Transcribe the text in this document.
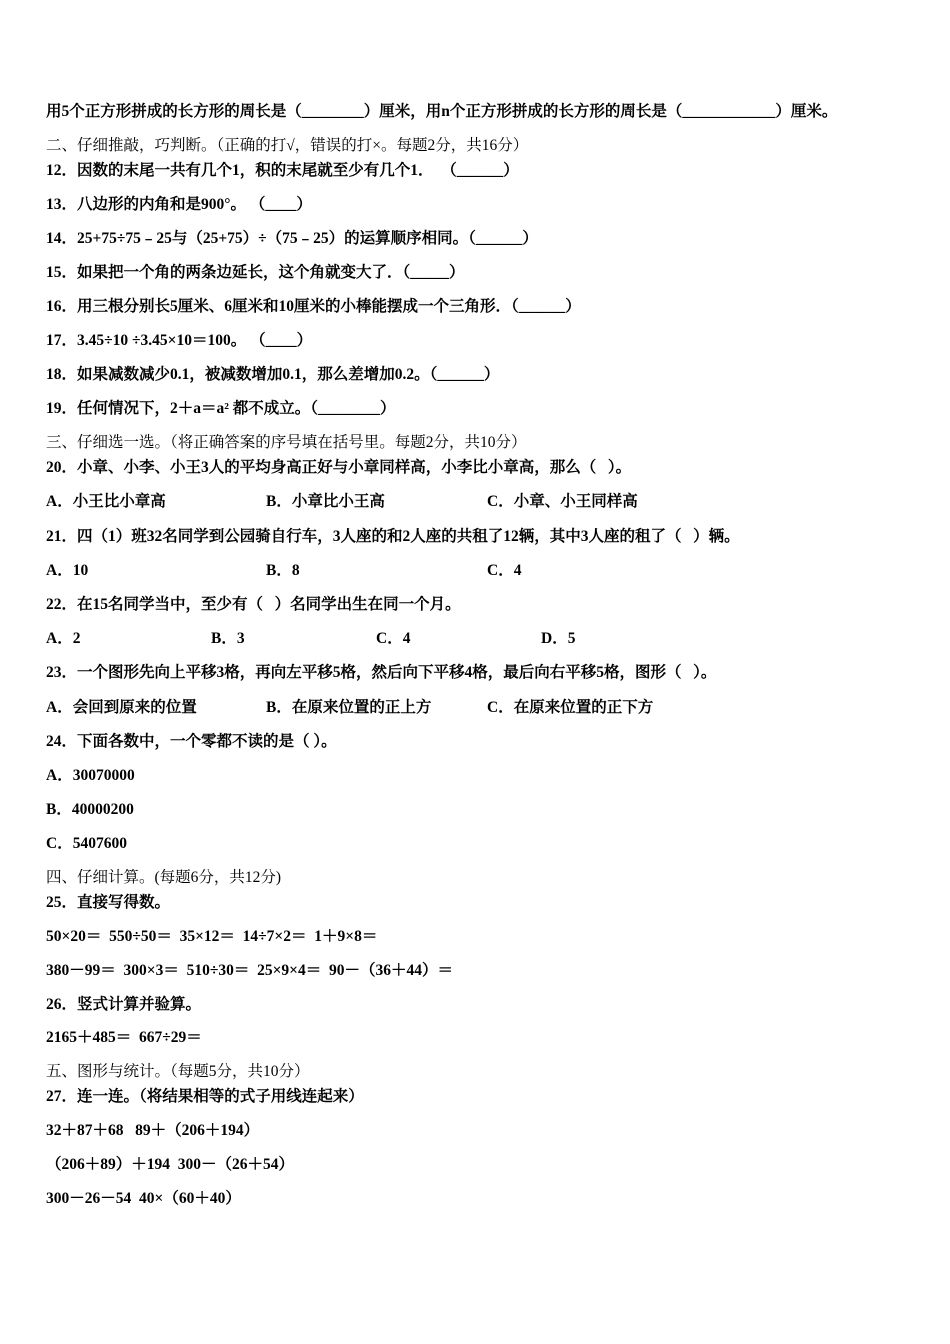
用5个正方形拼成的长方形的周长是（________）厘米，用n个正方形拼成的长方形的周长是（____________）厘米。
二、仔细推敲，巧判断。（正确的打√，错误的打×。每题2分，共16分）
12．因数的末尾一共有几个1，积的末尾就至少有几个1．  （______）
13．八边形的内角和是900°。 （____）
14．25+75÷75﹣25与（25+75）÷（75﹣25）的运算顺序相同。（______）
15．如果把一个角的两条边延长，这个角就变大了．（_____）
16．用三根分别长5厘米、6厘米和10厘米的小棒能摆成一个三角形．（______）
17．3.45÷10 ÷3.45×10＝100。 （____）
18．如果减数减少0.1，被减数增加0.1，那么差增加0.2。（______）
19．任何情况下，2＋a＝a² 都不成立。（________）
三、仔细选一选。（将正确答案的序号填在括号里。每题2分，共10分）
20．小章、小李、小王3人的平均身高正好与小章同样高，小李比小章高，那么（   ）。
A．小王比小章高	B．小章比小王高	C．小章、小王同样高
21．四（1）班32名同学到公园骑自行车，3人座的和2人座的共租了12辆，其中3人座的租了（   ）辆。
A．10	B．8	C．4
22．在15名同学当中，至少有（   ）名同学出生在同一个月。
A．2	B．3	C．4	D．5
23．一个图形先向上平移3格，再向左平移5格，然后向下平移4格，最后向右平移5格，图形（   ）。
A．会回到原来的位置	B．在原来位置的正上方	C．在原来位置的正下方
24．下面各数中，一个零都不读的是（ ）。
A．30070000
B．40000200
C．5407600
四、仔细计算。(每题6分，共12分)
25．直接写得数。
50×20＝  550÷50＝  35×12＝  14÷7×2＝  1＋9×8＝
380－99＝  300×3＝  510÷30＝  25×9×4＝  90－（36＋44）＝
26．竖式计算并验算。
2165＋485＝  667÷29＝
五、图形与统计。（每题5分，共10分）
27．连一连。（将结果相等的式子用线连起来）
32＋87＋68   89＋（206＋194）
（206＋89）＋194  300－（26＋54）
300－26－54  40×（60＋40）
